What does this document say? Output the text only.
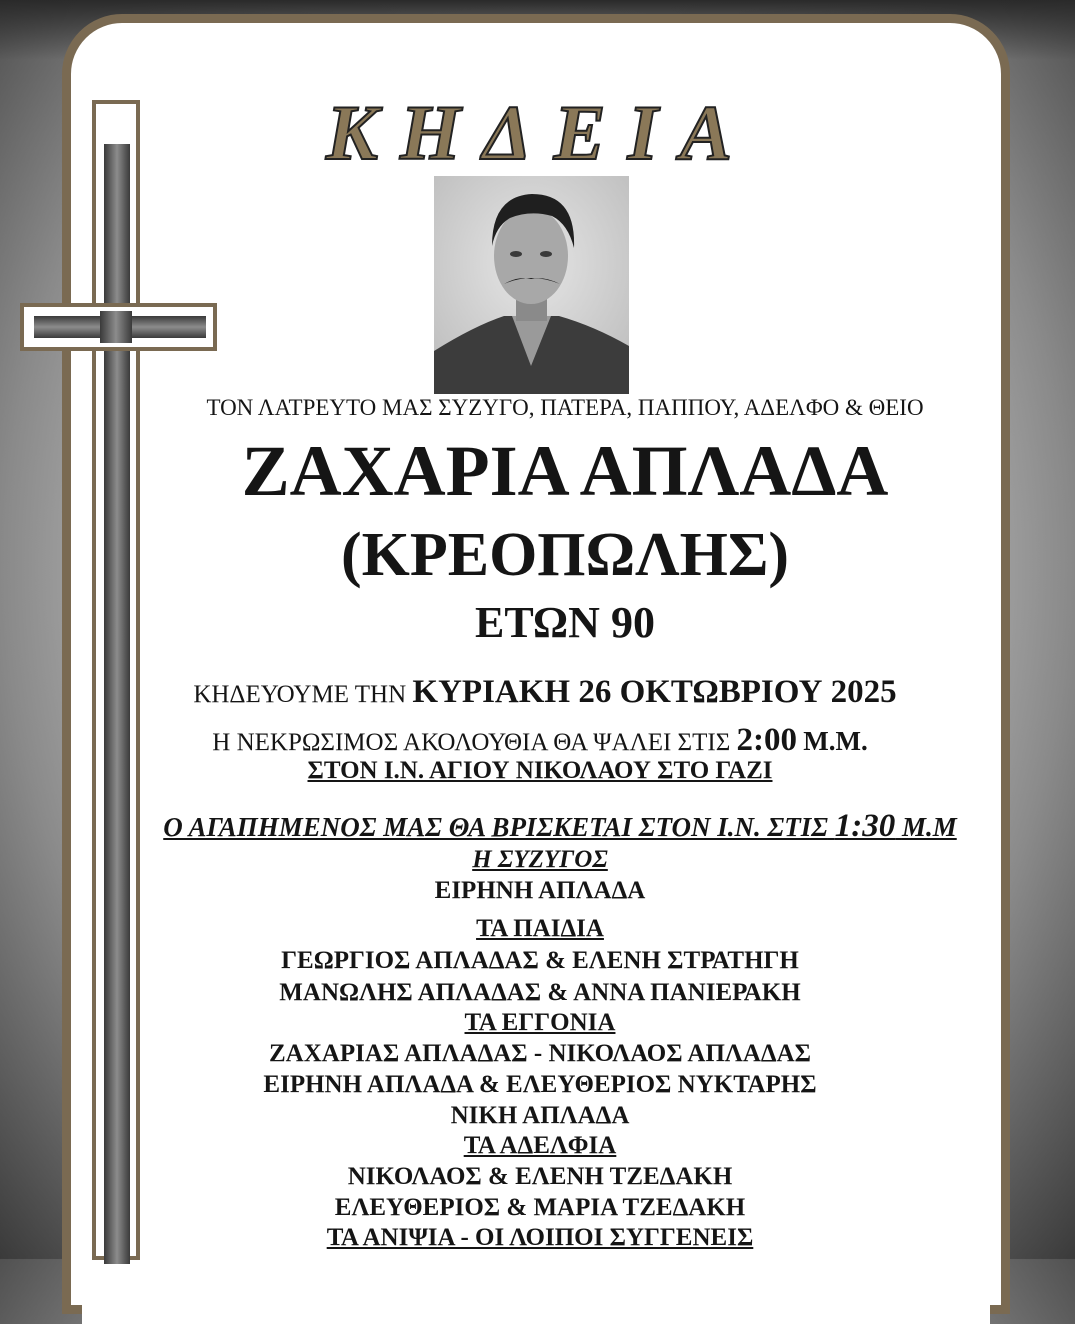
ΚΗΔΕΙΑ
ΤΟΝ ΛΑΤΡΕΥΤΟ ΜΑΣ ΣΥΖΥΓΟ, ΠΑΤΕΡΑ, ΠΑΠΠΟΥ, ΑΔΕΛΦΟ & ΘΕΙΟ
ΖΑΧΑΡΙΑ ΑΠΛΑΔΑ
(ΚΡΕΟΠΩΛΗΣ)
ΕΤΩΝ 90
ΚΗΔΕΥΟΥΜΕ ΤΗΝ ΚΥΡΙΑΚΗ 26 ΟΚΤΩΒΡΙΟΥ 2025
Η ΝΕΚΡΩΣΙΜΟΣ ΑΚΟΛΟΥΘΙΑ ΘΑ ΨΑΛΕΙ ΣΤΙΣ 2:00 Μ.Μ.
ΣΤΟΝ Ι.Ν. ΑΓΙΟΥ ΝΙΚΟΛΑΟΥ ΣΤΟ ΓΑΖΙ
Ο ΑΓΑΠΗΜΕΝΟΣ ΜΑΣ ΘΑ ΒΡΙΣΚΕΤΑΙ ΣΤΟΝ Ι.Ν. ΣΤΙΣ 1:30 Μ.Μ
Η ΣΥΖΥΓΟΣ
ΕΙΡΗΝΗ ΑΠΛΑΔΑ
ΤΑ ΠΑΙΔΙΑ
ΓΕΩΡΓΙΟΣ ΑΠΛΑΔΑΣ & ΕΛΕΝΗ ΣΤΡΑΤΗΓΗ
ΜΑΝΩΛΗΣ ΑΠΛΑΔΑΣ & ΑΝΝΑ ΠΑΝΙΕΡΑΚΗ
ΤΑ ΕΓΓΟΝΙΑ
ΖΑΧΑΡΙΑΣ ΑΠΛΑΔΑΣ - ΝΙΚΟΛΑΟΣ ΑΠΛΑΔΑΣ
ΕΙΡΗΝΗ ΑΠΛΑΔΑ & ΕΛΕΥΘΕΡΙΟΣ ΝΥΚΤΑΡΗΣ
ΝΙΚΗ ΑΠΛΑΔΑ
ΤΑ ΑΔΕΛΦΙΑ
ΝΙΚΟΛΑΟΣ & ΕΛΕΝΗ ΤΖΕΔΑΚΗ
ΕΛΕΥΘΕΡΙΟΣ & ΜΑΡΙΑ ΤΖΕΔΑΚΗ
ΤΑ ΑΝΙΨΙΑ - ΟΙ ΛΟΙΠΟΙ ΣΥΓΓΕΝΕΙΣ
